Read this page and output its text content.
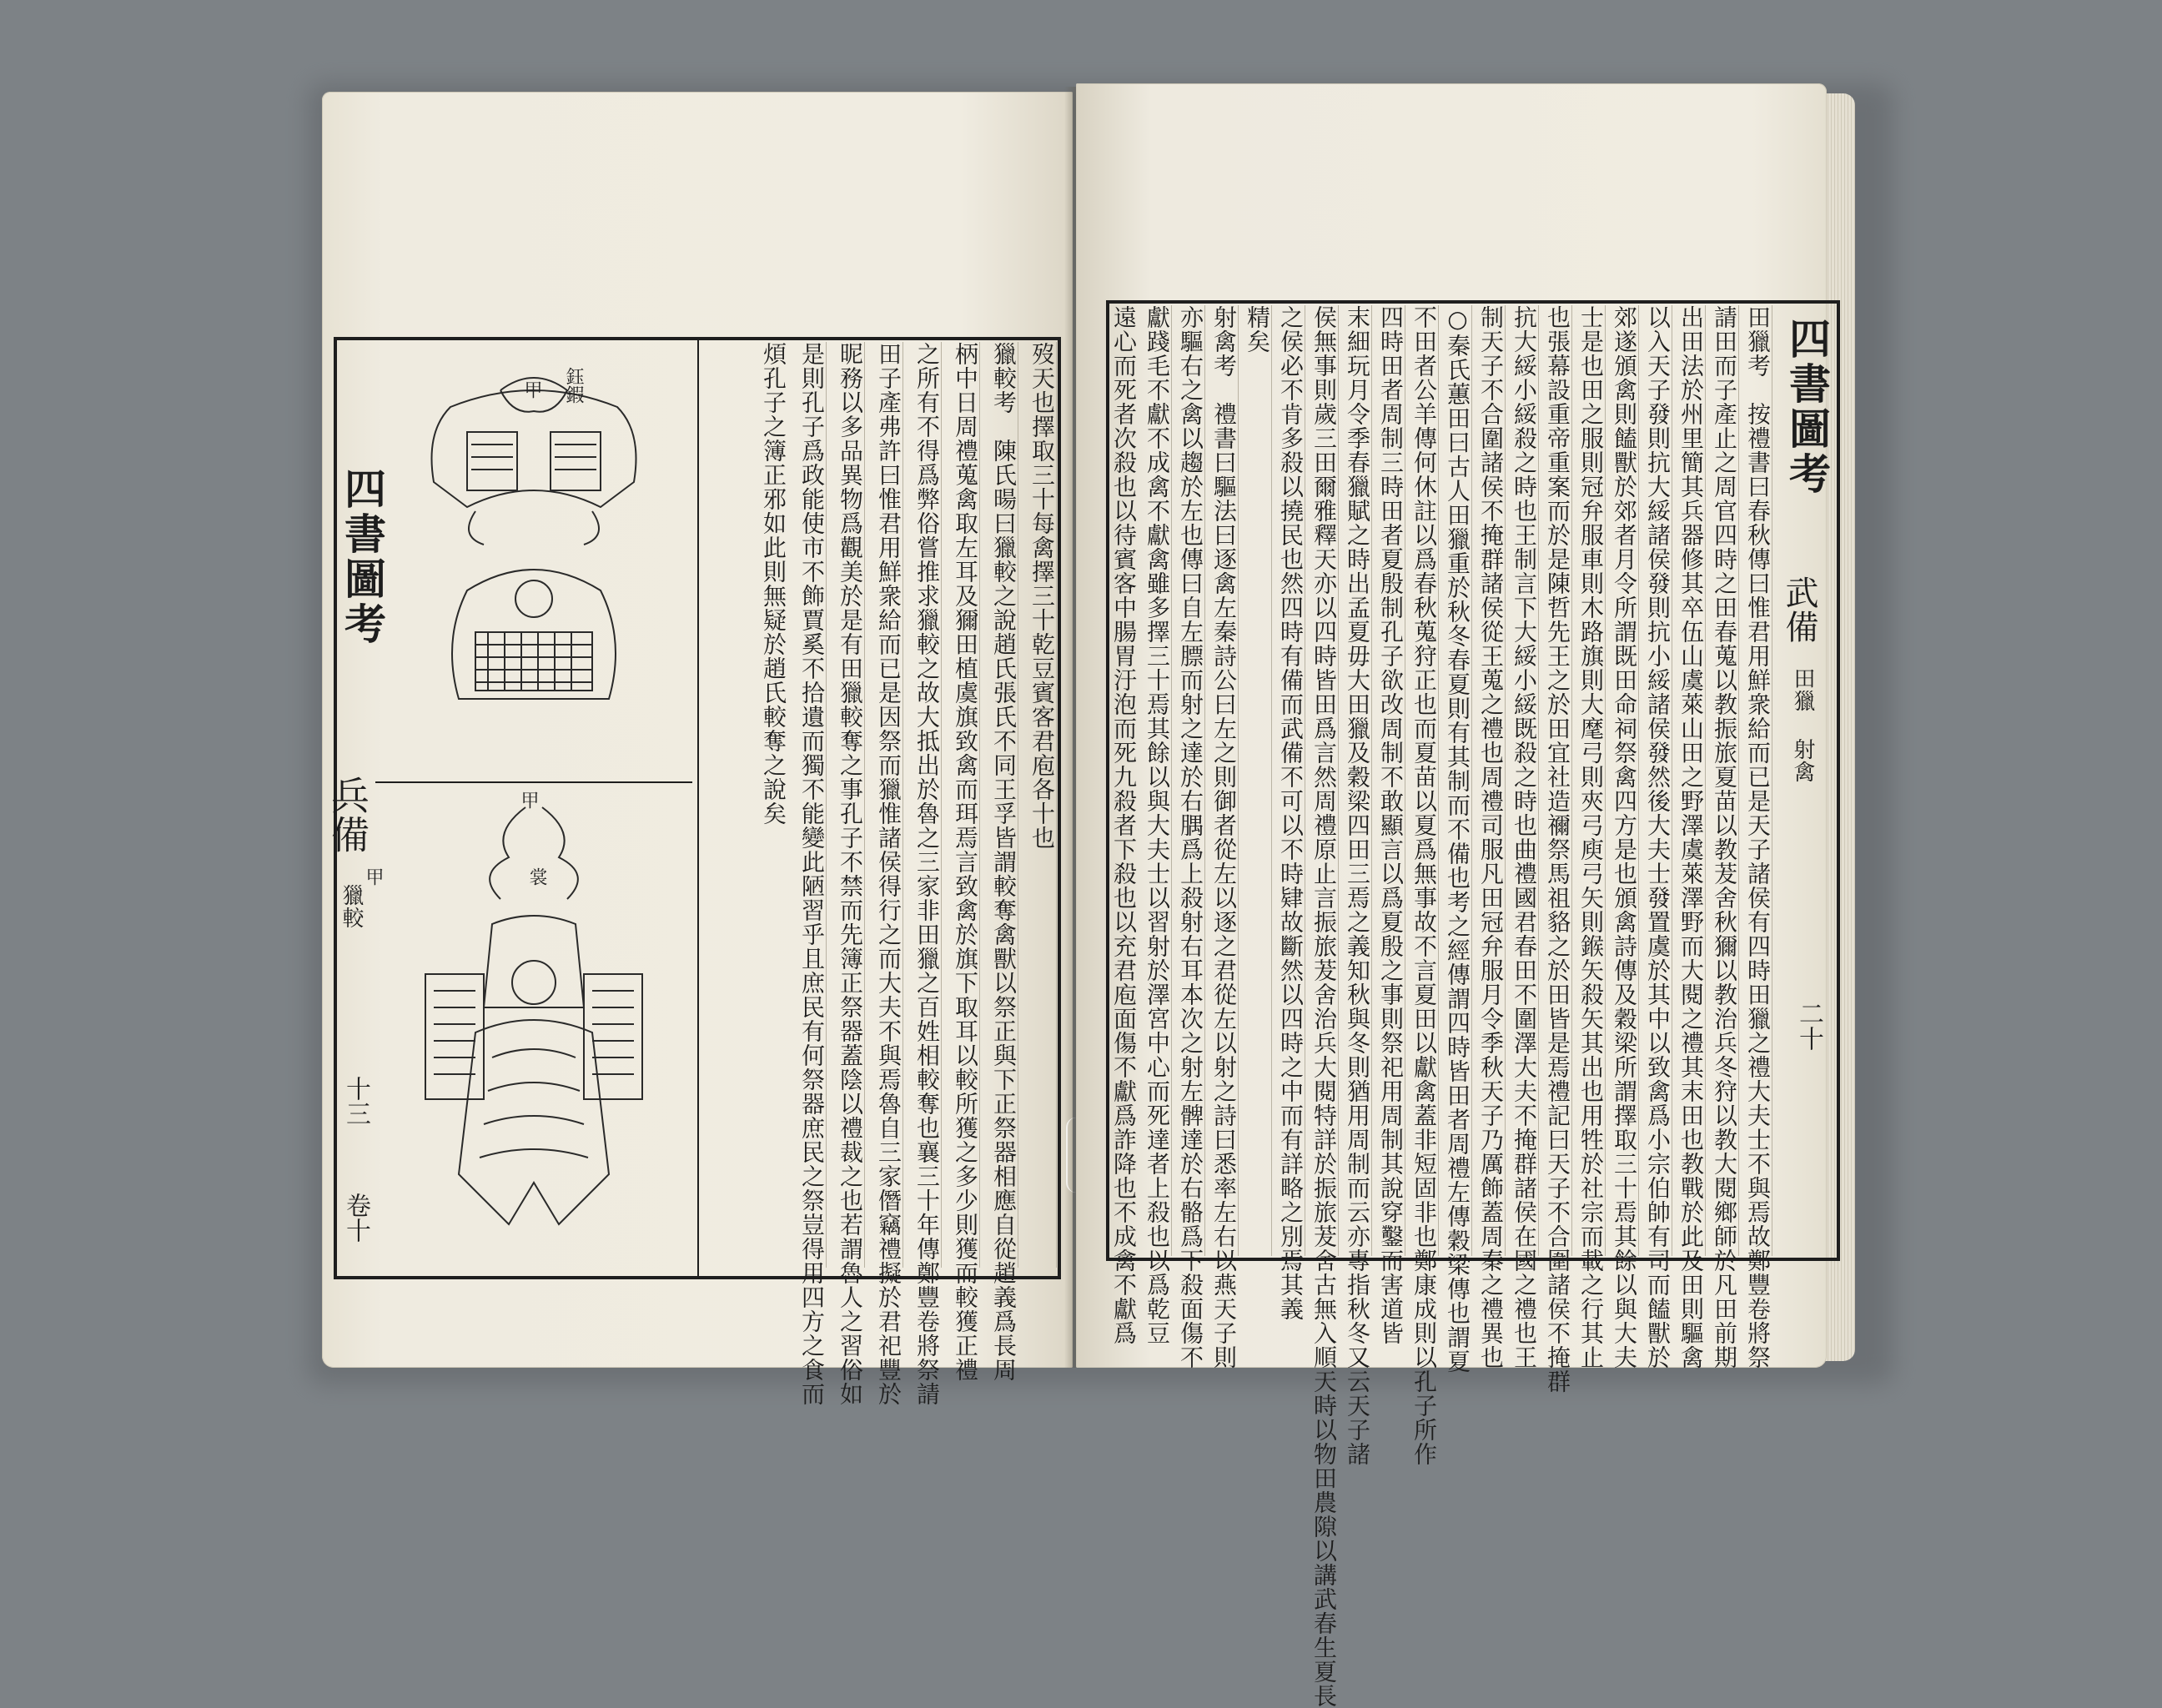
四書圖考
兵備
獵較
卷十
十三
鈺鍜
甲
甲
甲	裳
歿天也擇取三十每禽擇三十乾豆賓客君庖各十也
獵較考　陳氏暘曰獵較之說趙氏張氏不同王孚皆謂較奪禽獸以祭正與下正祭器相應自從趙義爲長周
柄中日周禮蒐禽取左耳及獮田植虞旗致禽而珥焉言致禽於旗下取耳以較所獲之多少則獲而較獲正禮
之所有不得爲弊俗嘗推求獵較之故大抵出於魯之三家非田獵之百姓相較奪也襄三十年傳鄭豐卷將祭請
田子產弗許曰惟君用鮮衆給而已是因祭而獵惟諸侯得行之而大夫不與焉魯自三家僭竊禮擬於君祀豐於
昵務以多品異物爲觀美於是有田獵較奪之事孔子不禁而先簿正祭器蓋陰以禮裁之也若謂魯人之習俗如
是則孔子爲政能使市不飾賈奚不拾遺而獨不能變此陋習乎且庶民有何祭器庶民之祭豈得用四方之食而
煩孔子之簿正邪如此則無疑於趙氏較奪之說矣	四書圖考
武備
田獵 射禽
二十
田獵考　按禮書曰春秋傳曰惟君用鮮衆給而已是天子諸侯有四時田獵之禮大夫士不與焉故鄭豐卷將祭
請田而子產止之周官四時之田春蒐以教振旅夏苗以教茇舍秋獮以教治兵冬狩以教大閱鄉師於凡田前期
出田法於州里簡其兵器修其卒伍山虞萊山田之野澤虞萊澤野而大閱之禮其末田也教戰於此及田則驅禽
以入天子發則抗大綏諸侯發則抗小綏諸侯發然後大夫士發置虞於其中以致禽爲小宗伯帥有司而饁獸於
郊遂頒禽則饁獸於郊者月令所謂既田命祠祭禽四方是也頒禽詩傳及穀梁所謂擇取三十焉其餘以與大夫
士是也田之服則冠弁服車則木路旗則大麾弓則夾弓庾弓矢則鍭矢殺矢其出也用牲於社宗而載之行其止
也張幕設重帝重案而於是陳哲先王之於田宜社造禰祭馬祖貉之於田皆是焉禮記曰天子不合圍諸侯不掩群
抗大綏小綏殺之時也王制言下大綏小綏既殺之時也曲禮國君春田不圍澤大夫不掩群諸侯在國之禮也王
制天子不合圍諸侯不掩群諸侯從王蒐之禮也周禮司服凡田冠弁服月令季秋天子乃厲飾蓋周秦之禮異也
○秦氏蕙田曰古人田獵重於秋冬春夏則有其制而不備也考之經傳謂四時皆田者周禮左傳穀梁傳也謂夏
不田者公羊傳何休註以爲春秋蒐狩正也而夏苗以夏爲無事故不言夏田以獻禽蓋非短固非也鄭康成則以孔子所作
四時田者周制三時田者夏殷制孔子欲改周制不敢顯言以爲夏殷之事則祭祀用周制其說穿鑿而害道皆
末細玩月令季春獵賦之時出孟夏毋大田獵及穀梁四田三焉之義知秋與冬則猶用周制而云亦專指秋冬又云天子諸
侯無事則歲三田爾雅釋天亦以四時皆田爲言然周禮原止言振旅茇舍治兵大閱特詳於振旅茇舍古無入順天時以物田農隙以講武春生夏長
之侯必不肯多殺以撓民也然四時有備而武備不可以不時肄故斷然以四時之中而有詳略之別焉其義
精矣
射禽考　禮書曰驅法曰逐禽左秦詩公曰左之則御者從左以逐之君從左以射之詩曰悉率左右以燕天子則
亦驅右之禽以趨於左也傳曰自左膘而射之達於右腢爲上殺射右耳本次之射左髀達於右骼爲下殺面傷不
獻踐毛不獻不成禽不獻禽雖多擇三十焉其餘以與大夫士以習射於澤宮中心而死達者上殺也以爲乾豆
遠心而死者次殺也以待賓客中腸胃汙泡而死九殺者下殺也以充君庖面傷不獻爲詐降也不成禽不獻爲
